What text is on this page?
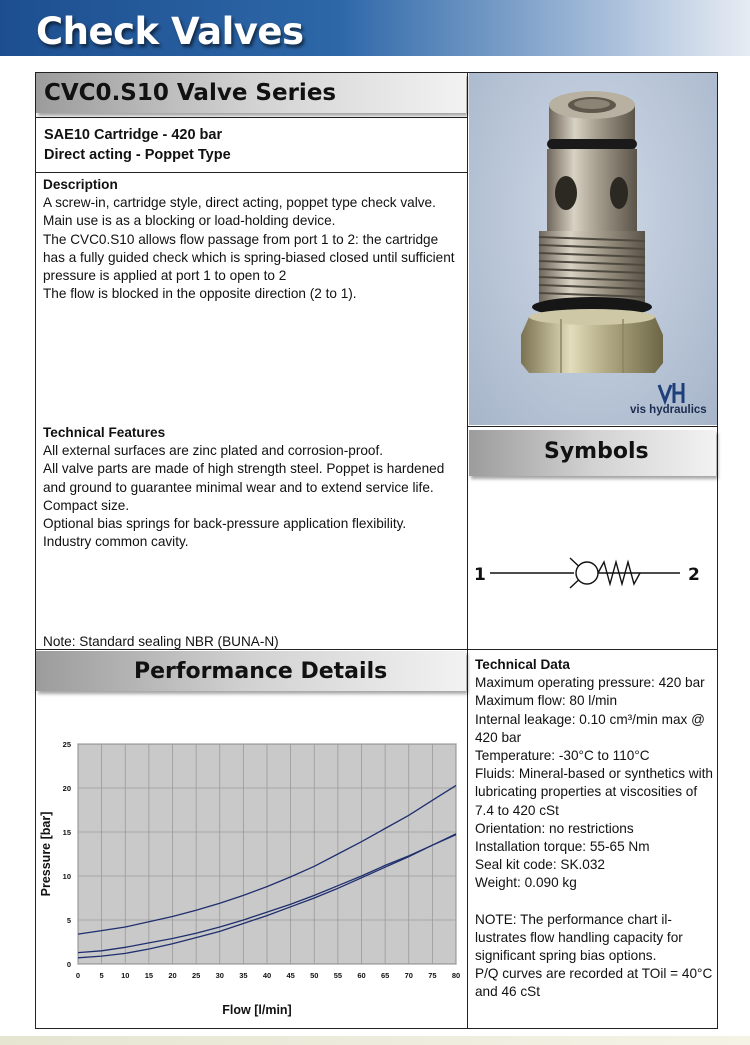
Check Valves
CVC0.S10 Valve Series
SAE10 Cartridge - 420 bar
Direct acting - Poppet Type
Description
A screw-in, cartridge style, direct acting, poppet type check valve.
Main use is as a blocking or load-holding device.
The CVC0.S10 allows flow passage from port 1 to 2: the cartridge has a fully guided check which is spring-biased closed until sufficient pressure is applied at port 1 to open to 2
The flow is blocked in the opposite direction (2 to 1).
Technical Features
All external surfaces are zinc plated and corrosion-proof.
All valve parts are made of high strength steel. Poppet is hardened and ground to guarantee minimal wear and to extend service life.
Compact size.
Optional bias springs for back-pressure application flexibility.
Industry common cavity.
Note: Standard sealing NBR (BUNA-N)
vis hydraulics
Symbols
1	2
Performance Details
0	5 10 15 20 25 30 35 40 45 50 55 60 65 70 75 80
0
5
10
15
20
25
Pressure [bar]
Flow [l/min]
Technical Data
Maximum operating pressure: 420 bar
Maximum flow: 80 l/min
Internal leakage: 0.10 cm³/min max @ 420 bar
Temperature: -30°C to 110°C
Fluids: Mineral-based or synthetics with
lubricating properties at viscosities of 7.4 to 420 cSt
Orientation: no restrictions
Installation torque: 55-65 Nm
Seal kit code: SK.032
Weight: 0.090 kg
NOTE: The performance chart il-lustrates flow handling capacity for significant spring bias options.
P/Q curves are recorded at TOil = 40°C and 46 cSt
